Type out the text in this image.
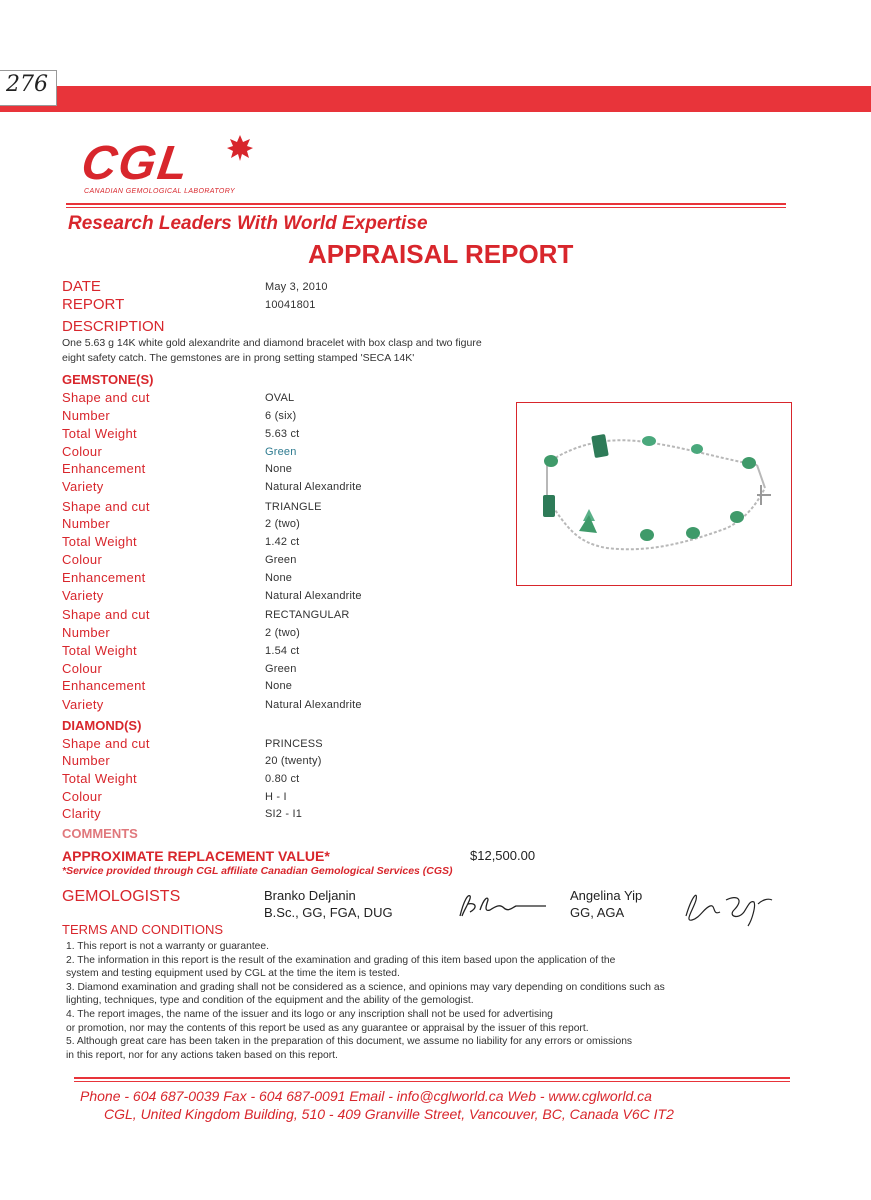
276
CGL
CANADIAN GEMOLOGICAL LABORATORY
Research Leaders With World Expertise
APPRAISAL REPORT
DATE	May 3, 2010
REPORT	10041801
DESCRIPTION
One 5.63 g 14K white gold alexandrite and diamond bracelet with box clasp and two figure
eight safety catch. The gemstones are in prong setting stamped 'SECA 14K'
GEMSTONE(S)
Shape and cut	OVAL
Number	6 (six)
Total Weight	5.63 ct
Colour	Green
Enhancement	None
Variety	Natural Alexandrite
Shape and cut	TRIANGLE
Number	2 (two)
Total Weight	1.42 ct
Colour	Green
Enhancement	None
Variety	Natural Alexandrite
Shape and cut	RECTANGULAR
Number	2 (two)
Total Weight	1.54 ct
Colour	Green
Enhancement	None
Variety	Natural Alexandrite
DIAMOND(S)
Shape and cut	PRINCESS
Number	20 (twenty)
Total Weight	0.80 ct
Colour	H - I
Clarity	SI2 - I1
COMMENTS
APPROXIMATE REPLACEMENT VALUE*	$12,500.00
*Service provided through CGL affiliate Canadian Gemological Services (CGS)
GEMOLOGISTS	Branko Deljanin
B.Sc., GG, FGA, DUG
Angelina Yip
GG, AGA
TERMS AND CONDITIONS
1. This report is not a warranty or guarantee.
2. The information in this report is the result of the examination and grading of this item based upon the application of the
system and testing equipment used by CGL at the time the item is tested.
3. Diamond examination and grading shall not be considered as a science, and opinions may vary depending on conditions such as
lighting, techniques, type and condition of the equipment and the ability of the gemologist.
4. The report images, the name of the issuer and its logo or any inscription shall not be used for advertising
or promotion, nor may the contents of this report be used as any guarantee or appraisal by the issuer of this report.
5. Although great care has been taken in the preparation of this document, we assume no liability for any errors or omissions
in this report, nor for any actions taken based on this report.
Phone - 604 687-0039 Fax - 604 687-0091 Email - info@cglworld.ca Web - www.cglworld.ca
CGL, United Kingdom Building, 510 - 409 Granville Street, Vancouver, BC, Canada V6C IT2
